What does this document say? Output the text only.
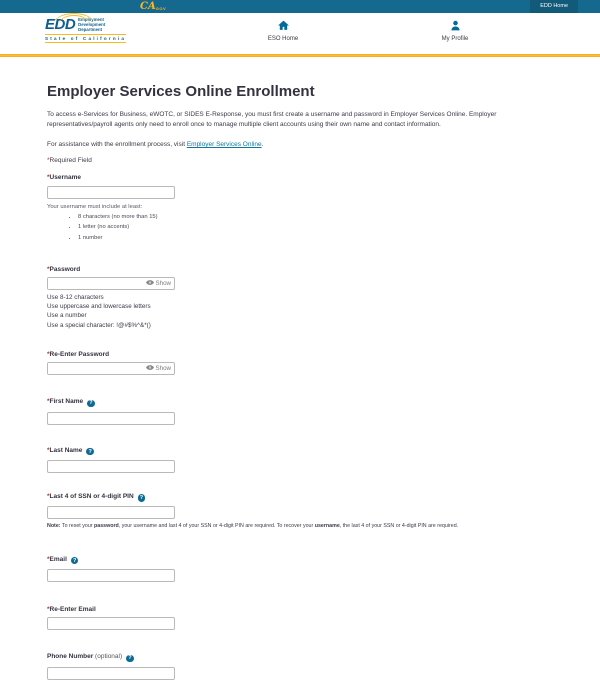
CAGOV	EDD Home
EDD Employment
Development
Department
State of California	ESO Home	My Profile
Employer Services Online Enrollment

To access e-Services for Business, eWOTC, or SIDES E-Response, you must first create a username and password in Employer Services Online. Employer representatives/payroll agents only need to enroll once to manage multiple client accounts using their own name and contact information.

For assistance with the enrollment process, visit Employer Services Online.

*Required Field

*Username
Your username must include at least:
• 8 characters (no more than 15)
• 1 letter (no accents)
• 1 number
*Password
Show
Use 8-12 characters
Use uppercase and lowercase letters
Use a number
Use a special character: !@#$%^&*()
*Re-Enter Password
Show
*First Name ?
*Last Name ?
*Last 4 of SSN or 4-digit PIN ?

Note: To reset your password, your username and last 4 of your SSN or 4-digit PIN are required. To recover your username, the last 4 of your SSN or 4-digit PIN are required.

*Email ?
*Re-Enter Email
Phone Number (optional) ?
